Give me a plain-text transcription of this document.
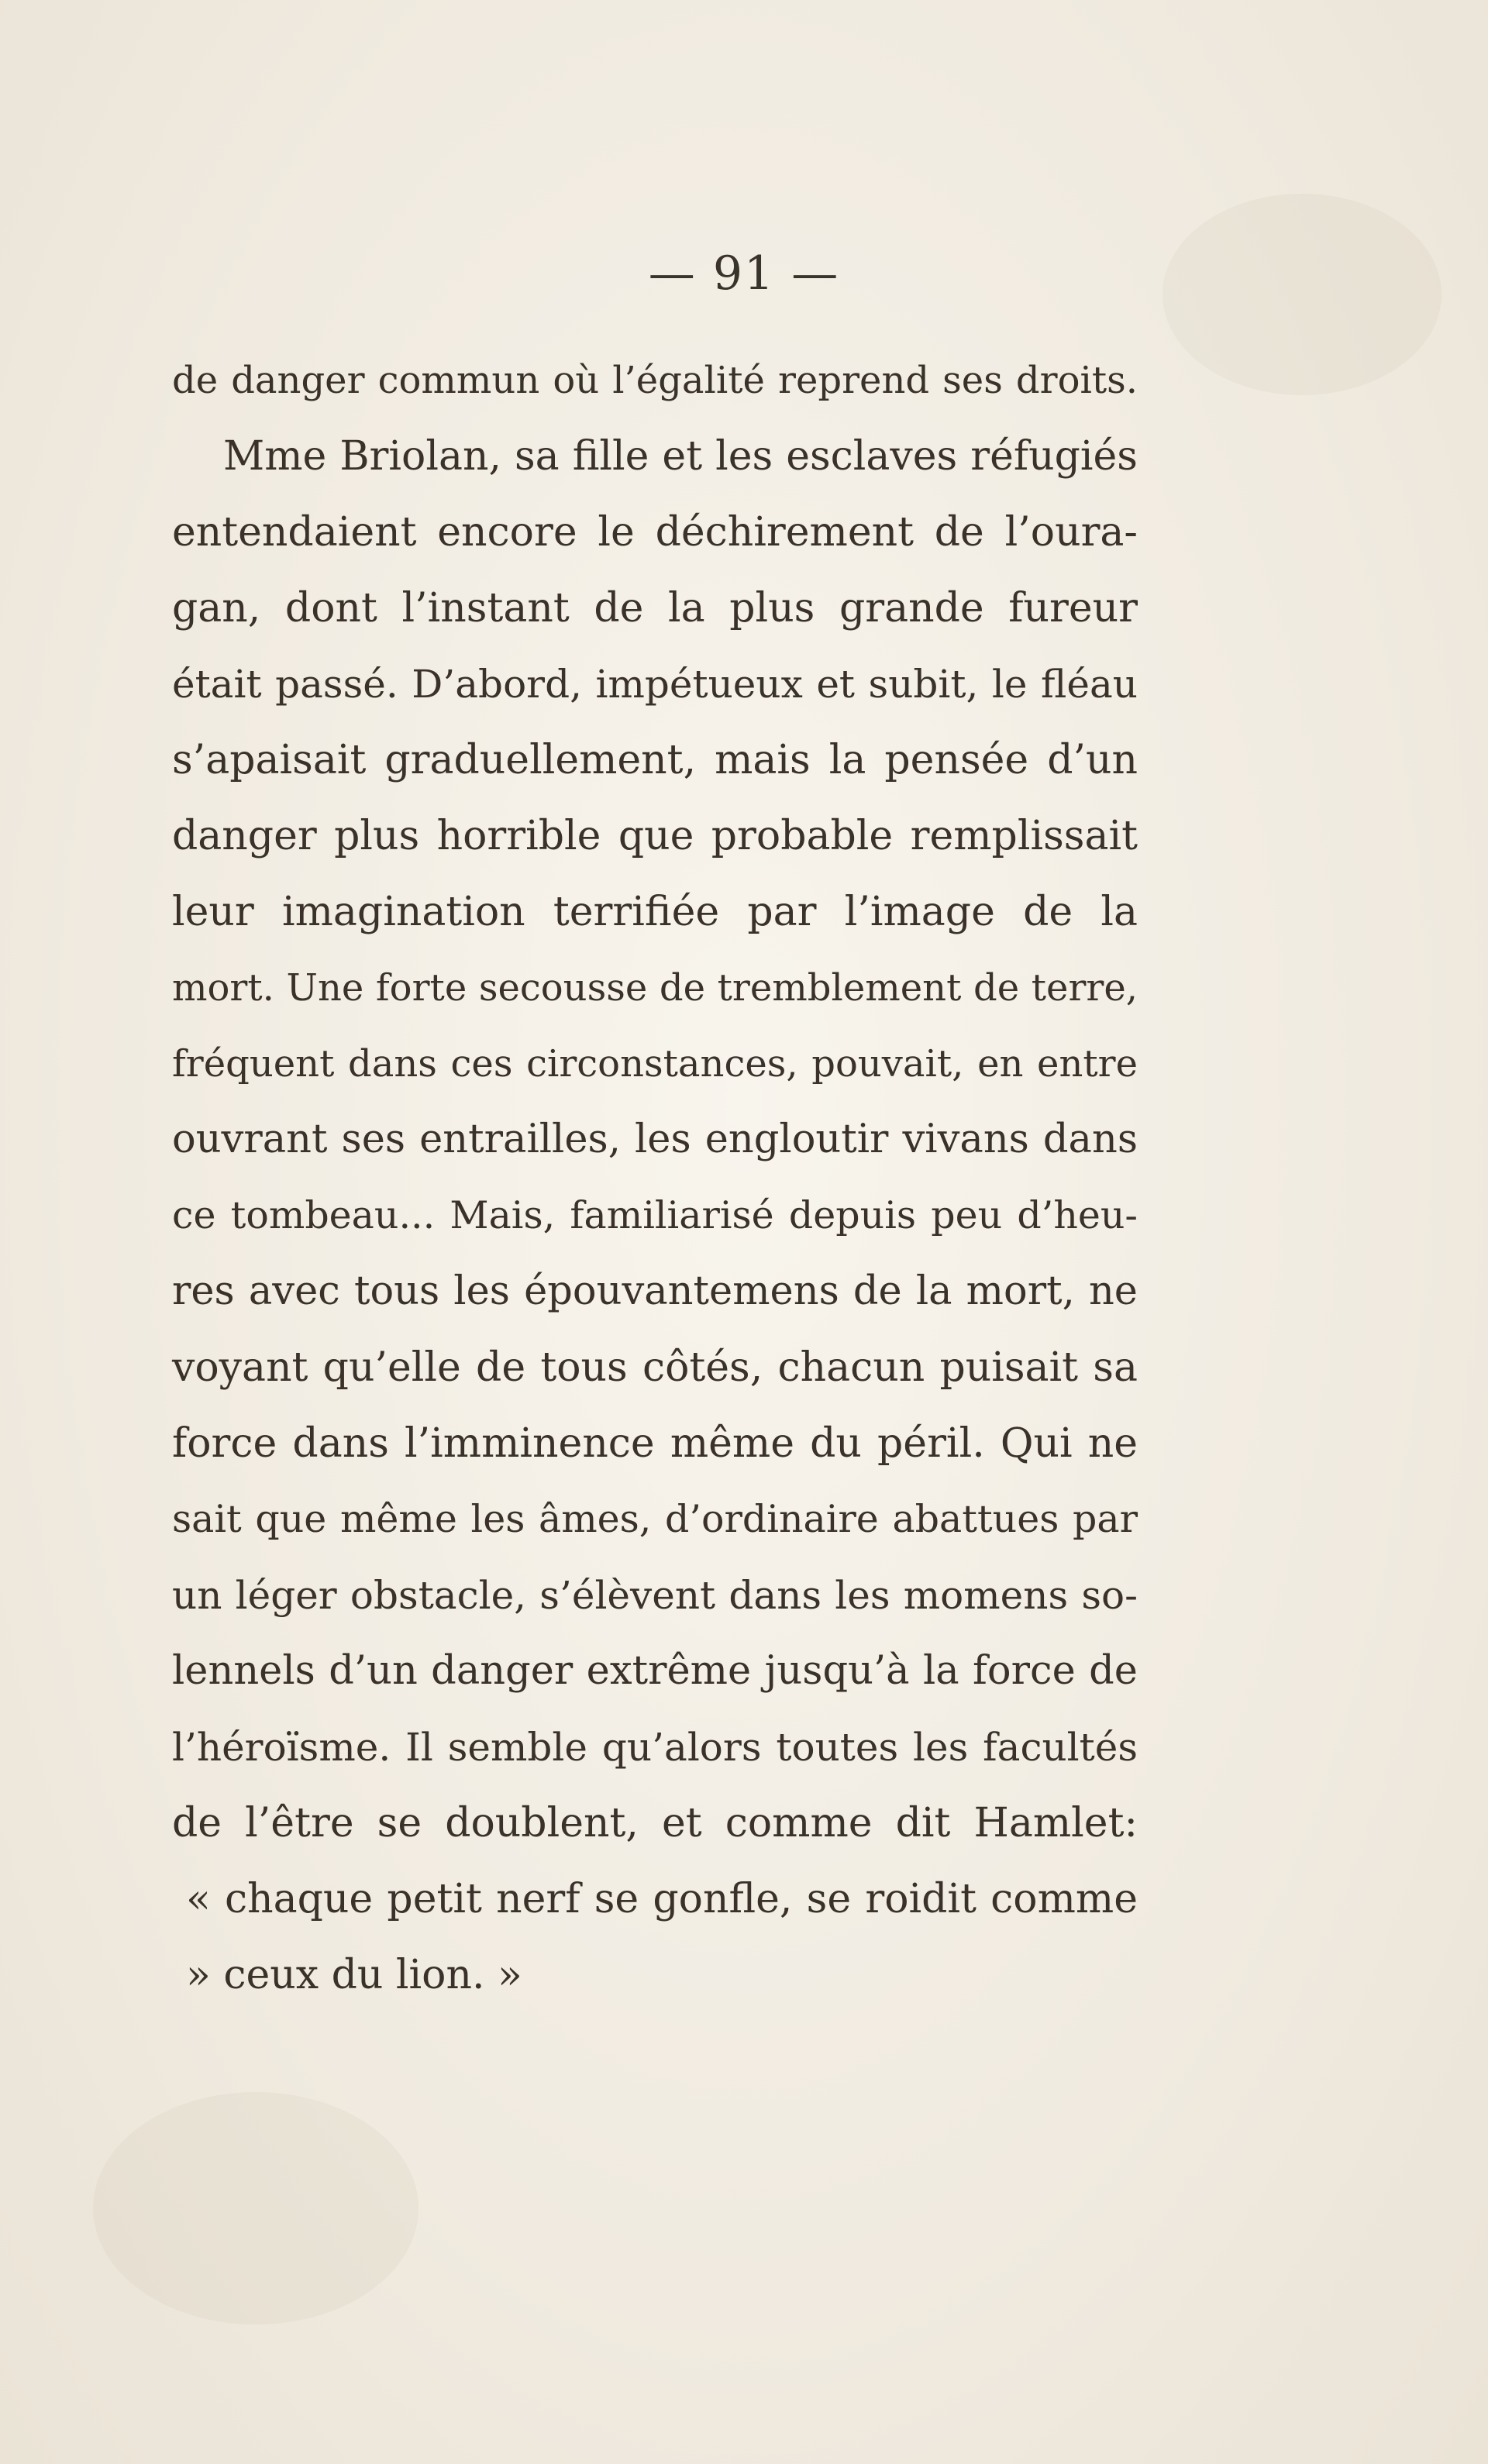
— 91 —
de danger commun où l’égalité reprend ses droits.
Mme Briolan, sa fille et les esclaves réfugiés
entendaient encore le déchirement de l’oura-
gan, dont l’instant de la plus grande fureur
était passé. D’abord, impétueux et subit, le fléau
s’apaisait graduellement, mais la pensée d’un
danger plus horrible que probable remplissait
leur imagination terrifiée par l’image de la
mort. Une forte secousse de tremblement de terre,
fréquent dans ces circonstances, pouvait, en entre
ouvrant ses entrailles, les engloutir vivans dans
ce tombeau... Mais, familiarisé depuis peu d’heu-
res avec tous les épouvantemens de la mort, ne
voyant qu’elle de tous côtés, chacun puisait sa
force dans l’imminence même du péril. Qui ne
sait que même les âmes, d’ordinaire abattues par
un léger obstacle, s’élèvent dans les momens so-
lennels d’un danger extrême jusqu’à la force de
l’héroïsme. Il semble qu’alors toutes les facultés
de l’être se doublent, et comme dit Hamlet:
« chaque petit nerf se gonfle, se roidit comme
» ceux du lion. »
